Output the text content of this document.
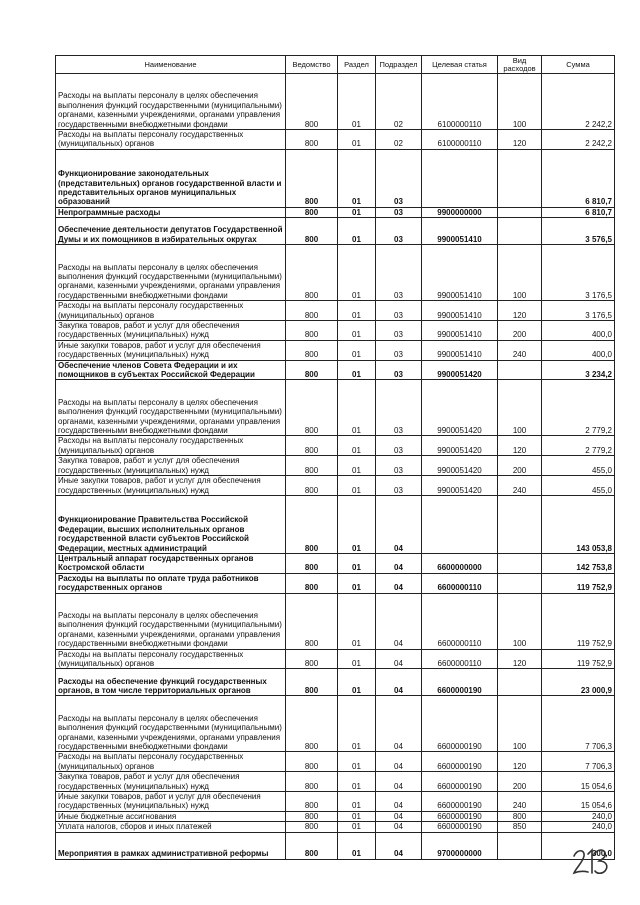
Наименование	Ведомство	Раздел	Подраздел	Целевая статья	Вид расходов	Сумма
Расходы на выплаты персоналу в целях обеспечения выполнения функций государственными (муниципальными) органами, казенными учреждениями, органами управления государственными внебюджетными фондами	800	01	02	6100000110	100	2 242,2
Расходы на выплаты персоналу государственных (муниципальных) органов	800	01	02	6100000110	120	2 242,2
Функционирование законодательных (представительных) органов государственной власти и представительных органов муниципальных образований	800	01	03			6 810,7
Непрограммные расходы	800	01	03	9900000000		6 810,7
Обеспечение деятельности депутатов Государственной Думы и их помощников в избирательных округах	800	01	03	9900051410		3 576,5
Расходы на выплаты персоналу в целях обеспечения выполнения функций государственными (муниципальными) органами, казенными учреждениями, органами управления государственными внебюджетными фондами	800	01	03	9900051410	100	3 176,5
Расходы на выплаты персоналу государственных (муниципальных) органов	800	01	03	9900051410	120	3 176,5
Закупка товаров, работ и услуг для обеспечения государственных (муниципальных) нужд	800	01	03	9900051410	200	400,0
Иные закупки товаров, работ и услуг для обеспечения государственных (муниципальных) нужд	800	01	03	9900051410	240	400,0
Обеспечение членов Совета Федерации и их помощников в субъектах Российской Федерации	800	01	03	9900051420		3 234,2
Расходы на выплаты персоналу в целях обеспечения выполнения функций государственными (муниципальными) органами, казенными учреждениями, органами управления государственными внебюджетными фондами	800	01	03	9900051420	100	2 779,2
Расходы на выплаты персоналу государственных (муниципальных) органов	800	01	03	9900051420	120	2 779,2
Закупка товаров, работ и услуг для обеспечения государственных (муниципальных) нужд	800	01	03	9900051420	200	455,0
Иные закупки товаров, работ и услуг для обеспечения государственных (муниципальных) нужд	800	01	03	9900051420	240	455,0
Функционирование Правительства Российской Федерации, высших исполнительных органов государственной власти субъектов Российской Федерации, местных администраций	800	01	04			143 053,8
Центральный аппарат государственных органов Костромской области	800	01	04	6600000000		142 753,8
Расходы на выплаты по оплате труда работников государственных органов	800	01	04	6600000110		119 752,9
Расходы на выплаты персоналу в целях обеспечения выполнения функций государственными (муниципальными) органами, казенными учреждениями, органами управления государственными внебюджетными фондами	800	01	04	6600000110	100	119 752,9
Расходы на выплаты персоналу государственных (муниципальных) органов	800	01	04	6600000110	120	119 752,9
Расходы на обеспечение функций государственных органов, в том числе территориальных органов	800	01	04	6600000190		23 000,9
Расходы на выплаты персоналу в целях обеспечения выполнения функций государственными (муниципальными) органами, казенными учреждениями, органами управления государственными внебюджетными фондами	800	01	04	6600000190	100	7 706,3
Расходы на выплаты персоналу государственных (муниципальных) органов	800	01	04	6600000190	120	7 706,3
Закупка товаров, работ и услуг для обеспечения государственных (муниципальных) нужд	800	01	04	6600000190	200	15 054,6
Иные закупки товаров, работ и услуг для обеспечения государственных (муниципальных) нужд	800	01	04	6600000190	240	15 054,6
Иные бюджетные ассигнования	800	01	04	6600000190	800	240,0
Уплата налогов, сборов и иных платежей	800	01	04	6600000190	850	240,0
Мероприятия в рамках административной реформы	800	01	04	9700000000		300,0
